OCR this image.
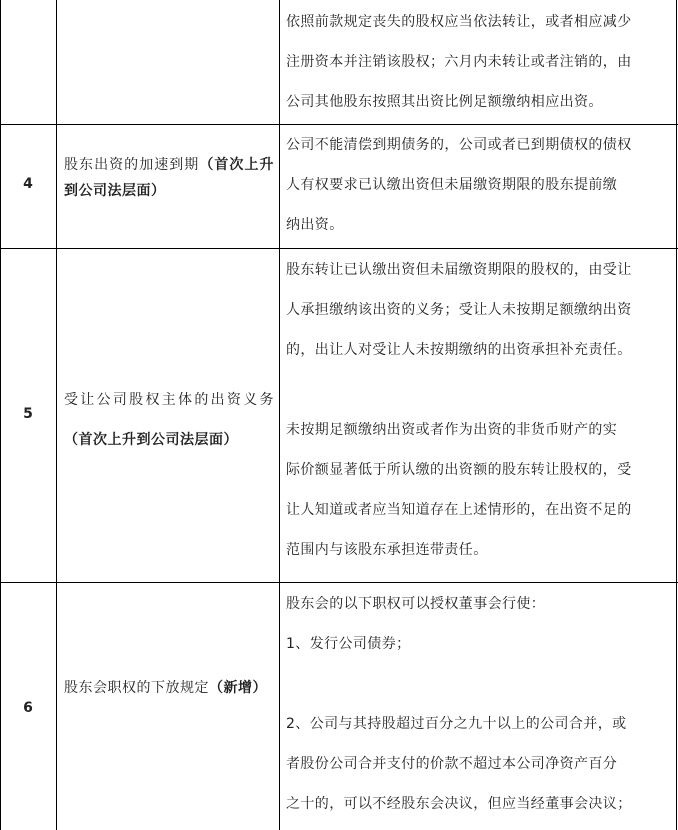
依照前款规定丧失的股权应当依法转让，或者相应减少
注册资本并注销该股权；六月内未转让或者注销的，由
公司其他股东按照其出资比例足额缴纳相应出资。
4
股东出资的加速到期（首次上升到公司法层面）
公司不能清偿到期债务的，公司或者已到期债权的债权
人有权要求已认缴出资但未届缴资期限的股东提前缴
纳出资。
5
受让公司股权主体的出资义务（首次上升到公司法层面）
股东转让已认缴出资但未届缴资期限的股权的，由受让
人承担缴纳该出资的义务；受让人未按期足额缴纳出资
的，出让人对受让人未按期缴纳的出资承担补充责任。
未按期足额缴纳出资或者作为出资的非货币财产的实
际价额显著低于所认缴的出资额的股东转让股权的，受
让人知道或者应当知道存在上述情形的，在出资不足的
范围内与该股东承担连带责任。
6
股东会职权的下放规定（新增）
股东会的以下职权可以授权董事会行使：
1、发行公司债券；
2、公司与其持股超过百分之九十以上的公司合并，或
者股份公司合并支付的价款不超过本公司净资产百分
之十的，可以不经股东会决议，但应当经董事会决议；
